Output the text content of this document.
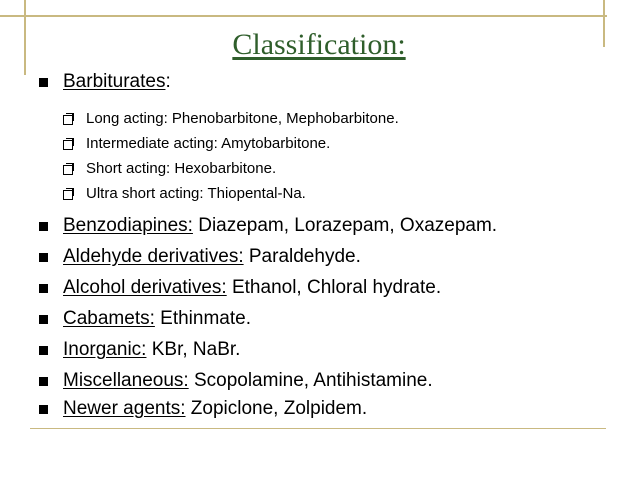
Classification:
Barbiturates :
Long acting: Phenobarbitone, Mephobarbitone.
Intermediate acting: Amytobarbitone.
Short acting: Hexobarbitone.
Ultra short acting: Thiopental-Na.
Benzodiapines: Diazepam, Lorazepam, Oxazepam.
Aldehyde derivatives: Paraldehyde.
Alcohol derivatives: Ethanol, Chloral hydrate.
Cabamets: Ethinmate.
Inorganic: KBr, NaBr.
Miscellaneous: Scopolamine, Antihistamine.
Newer agents: Zopiclone, Zolpidem.
